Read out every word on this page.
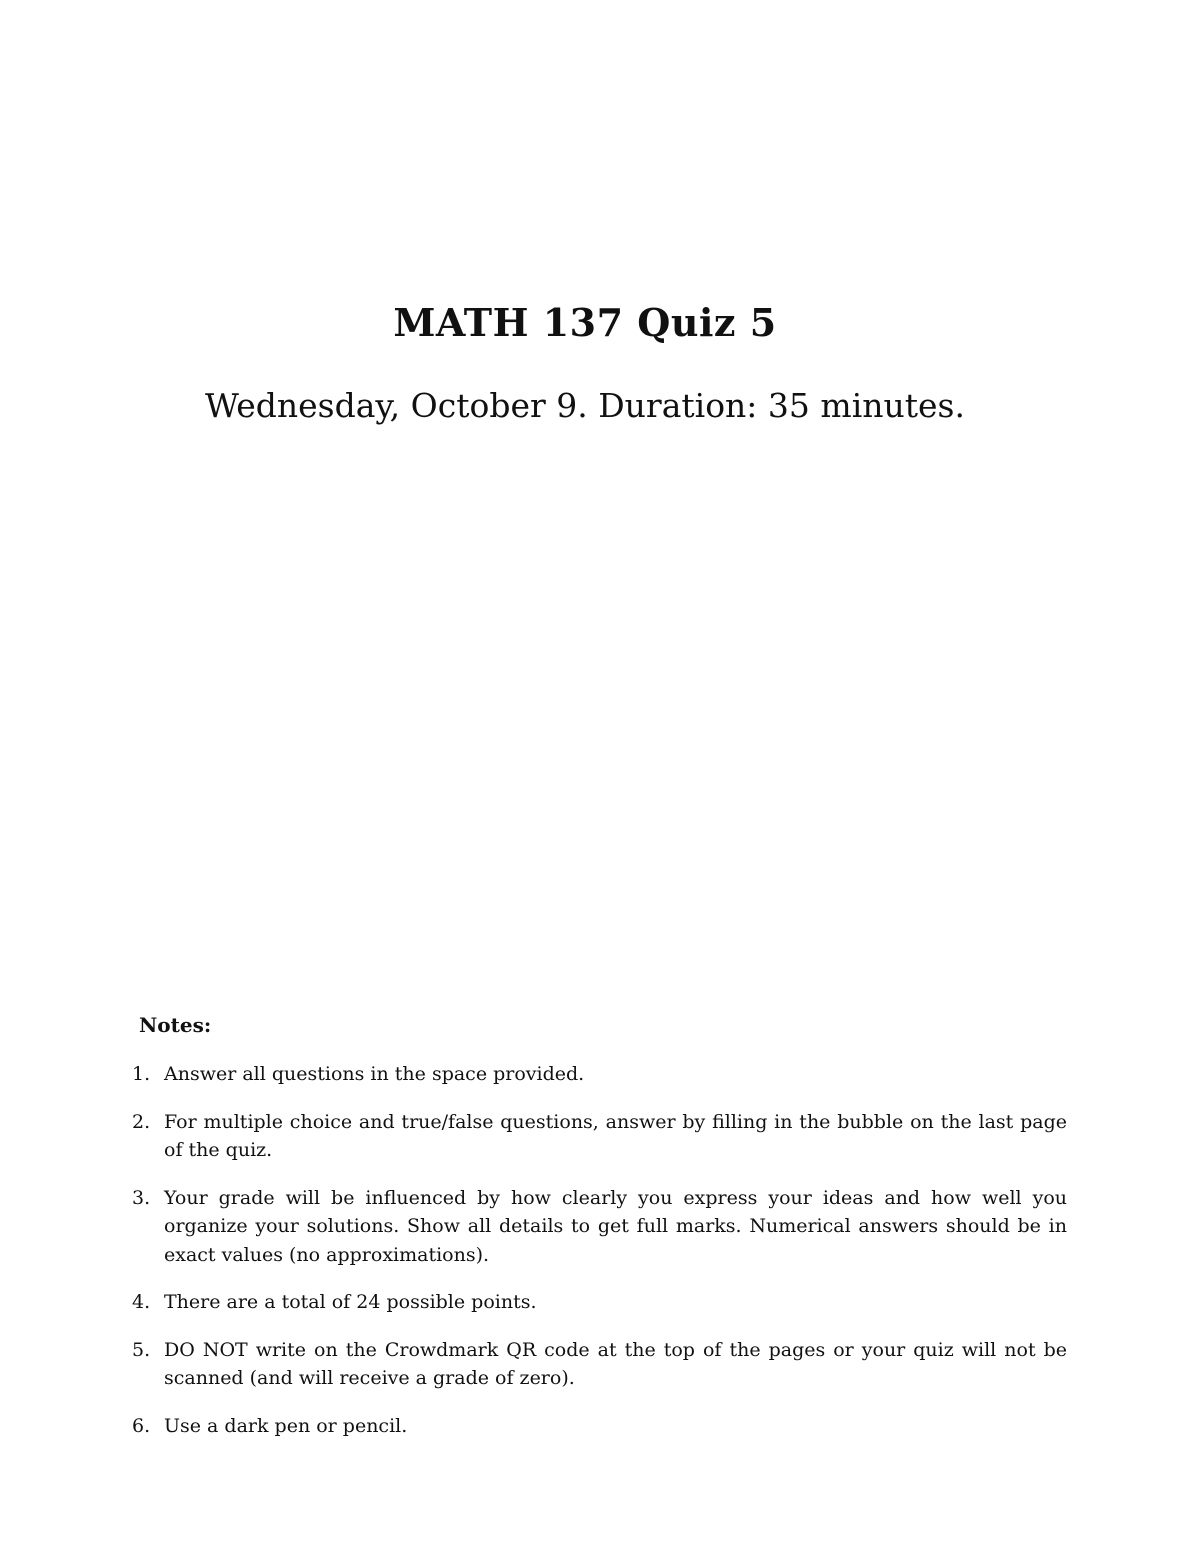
MATH 137 Quiz 5
Wednesday, October 9. Duration: 35 minutes.
Notes:
1. Answer all questions in the space provided.
2. For multiple choice and true/false questions, answer by filling in the bubble on the last page of the quiz.
3. Your grade will be influenced by how clearly you express your ideas and how well you organize your solutions. Show all details to get full marks. Numerical answers should be in exact values (no approximations).
4. There are a total of 24 possible points.
5. DO NOT write on the Crowdmark QR code at the top of the pages or your quiz will not be scanned (and will receive a grade of zero).
6. Use a dark pen or pencil.
